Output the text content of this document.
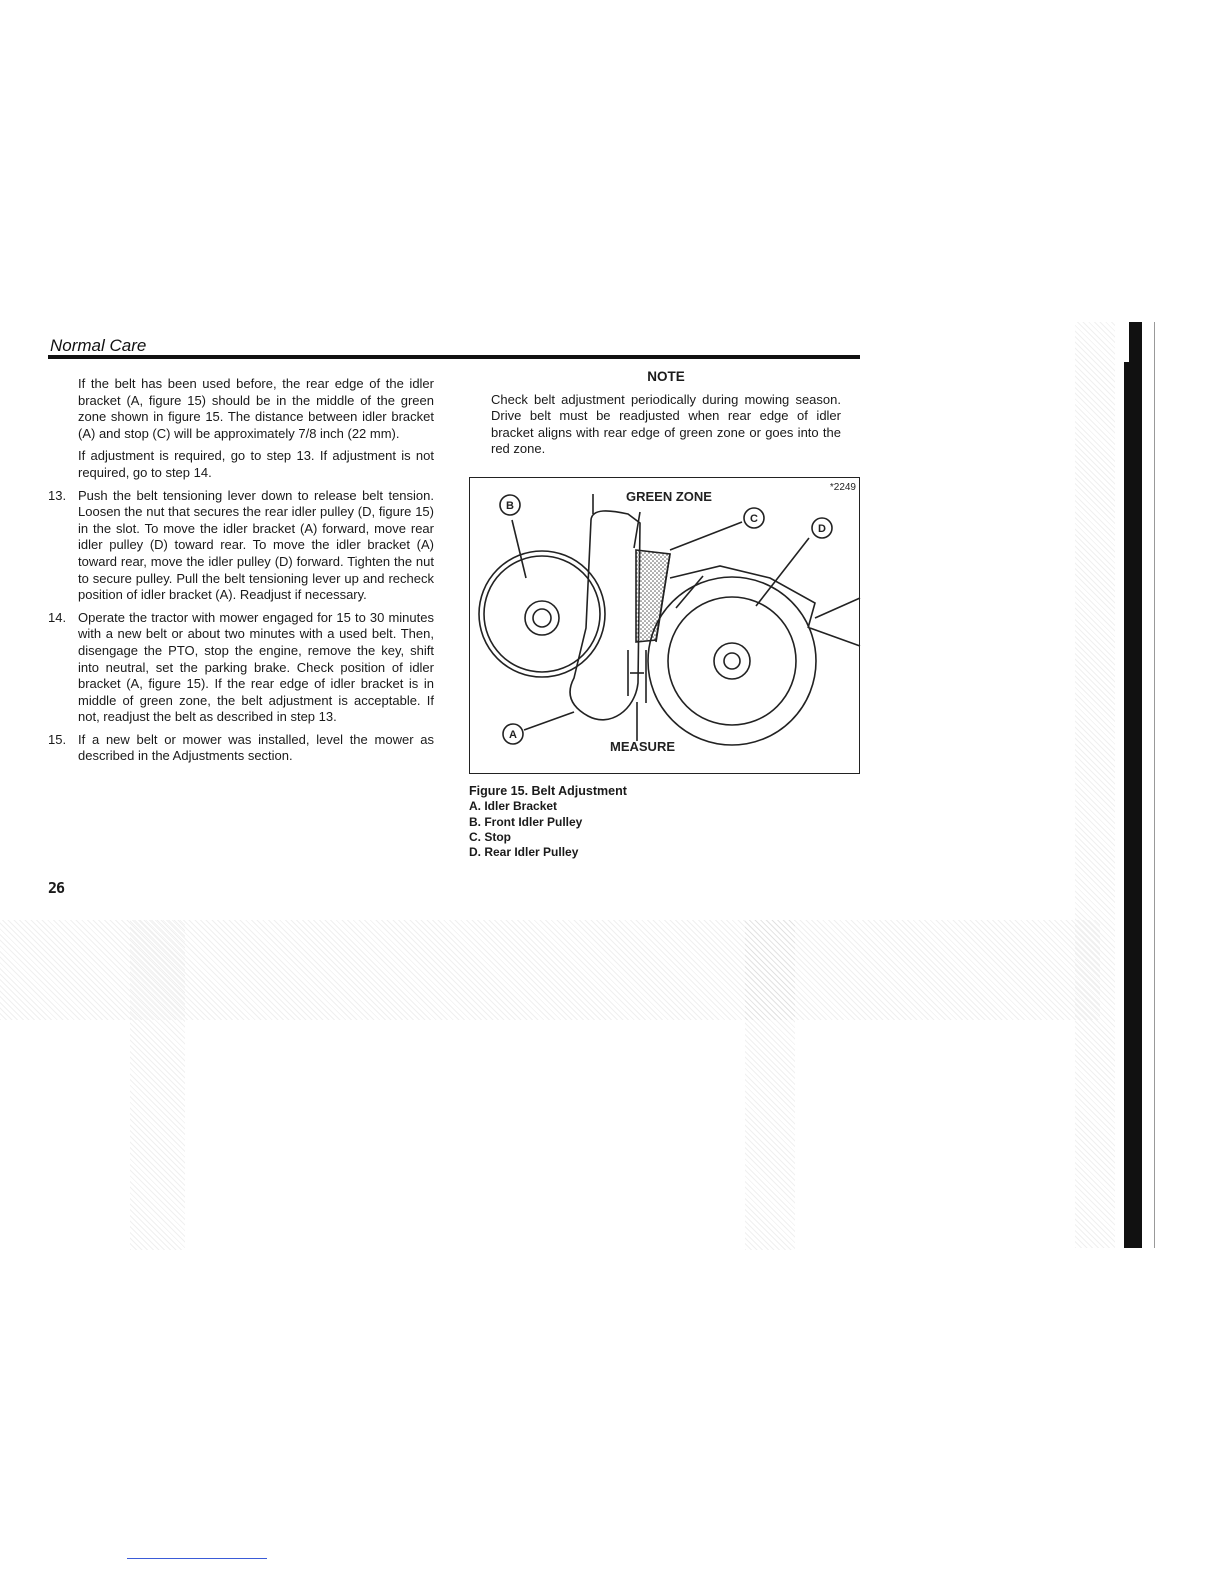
Normal Care

If the belt has been used before, the rear edge of the idler bracket (A, figure 15) should be in the middle of the green zone shown in figure 15. The distance between idler bracket (A) and stop (C) will be approximately 7/8 inch (22 mm).

If adjustment is required, go to step 13. If adjustment is not required, go to step 14.

13. Push the belt tensioning lever down to release belt tension. Loosen the nut that secures the rear idler pulley (D, figure 15) in the slot. To move the idler bracket (A) forward, move rear idler pulley (D) toward rear. To move the idler bracket (A) toward rear, move the idler pulley (D) forward. Tighten the nut to secure pulley. Pull the belt tensioning lever up and recheck position of idler bracket (A). Readjust if necessary.
14. Operate the tractor with mower engaged for 15 to 30 minutes with a new belt or about two minutes with a used belt. Then, disengage the PTO, stop the engine, remove the key, shift into neutral, set the parking brake. Check position of idler bracket (A, figure 15). If the rear edge of idler bracket is in middle of green zone, the belt adjustment is acceptable. If not, readjust the belt as described in step 13.
15. If a new belt or mower was installed, level the mower as described in the Adjustments section.
NOTE

Check belt adjustment periodically during mowing season. Drive belt must be readjusted when rear edge of idler bracket aligns with rear edge of green zone or goes into the red zone.

*2249
GREEN ZONE
MEASURE
B
C
D
A
Figure 15. Belt Adjustment
A. Idler Bracket
B. Front Idler Pulley
C. Stop
D. Rear Idler Pulley
26
